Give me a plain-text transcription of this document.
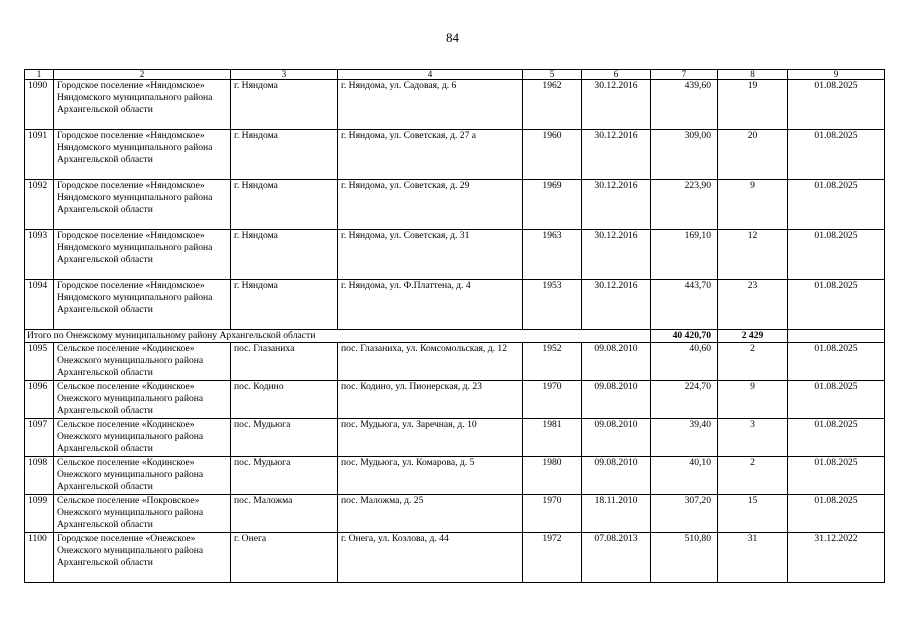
84
1	2	3	4	5	6	7	8	9
1090	Городское поселение «Няндомское» Няндомского муниципального района Архангельской области	г. Няндома	г. Няндома, ул. Садовая, д. 6	1962	30.12.2016	439,60	19	01.08.2025
1091	Городское поселение «Няндомское» Няндомского муниципального района Архангельской области	г. Няндома	г. Няндома, ул. Советская, д. 27 а	1960	30.12.2016	309,00	20	01.08.2025
1092	Городское поселение «Няндомское» Няндомского муниципального района Архангельской области	г. Няндома	г. Няндома, ул. Советская, д. 29	1969	30.12.2016	223,90	9	01.08.2025
1093	Городское поселение «Няндомское» Няндомского муниципального района Архангельской области	г. Няндома	г. Няндома, ул. Советская, д. 31	1963	30.12.2016	169,10	12	01.08.2025
1094	Городское поселение «Няндомское» Няндомского муниципального района Архангельской области	г. Няндома	г. Няндома, ул. Ф.Платтена, д. 4	1953	30.12.2016	443,70	23	01.08.2025
Итого по Онежскому муниципальному району Архангельской области						40 420,70	2 429	
1095	Сельское поселение «Кодинское» Онежского муниципального района Архангельской области	пос. Глазаниха	пос. Глазаниха, ул. Комсомольская, д. 12	1952	09.08.2010	40,60	2	01.08.2025
1096	Сельское поселение «Кодинское» Онежского муниципального района Архангельской области	пос. Кодино	пос. Кодино, ул. Пионерская, д. 23	1970	09.08.2010	224,70	9	01.08.2025
1097	Сельское поселение «Кодинское» Онежского муниципального района Архангельской области	пос. Мудьюга	пос. Мудьюга, ул. Заречная, д. 10	1981	09.08.2010	39,40	3	01.08.2025
1098	Сельское поселение «Кодинское» Онежского муниципального района Архангельской области	пос. Мудьюга	пос. Мудьюга, ул. Комарова, д. 5	1980	09.08.2010	40,10	2	01.08.2025
1099	Сельское поселение «Покровское» Онежского муниципального района Архангельской области	пос. Маложма	пос. Маложма, д. 25	1970	18.11.2010	307,20	15	01.08.2025
1100	Городское поселение «Онежское» Онежского муниципального района Архангельской области	г. Онега	г. Онега, ул. Козлова, д. 44	1972	07.08.2013	510,80	31	31.12.2022
